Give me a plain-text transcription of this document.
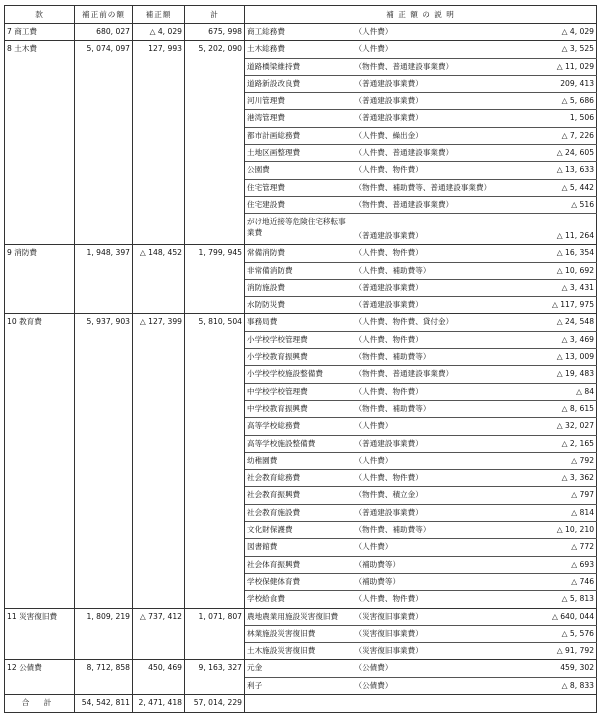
款	補正前の額	補正額	計	補 正 額 の 説 明		
7 商工費	680, 027	△ 4, 029	675, 998	商工総務費	（人件費）	△ 4, 029
8 土木費	5, 074, 097	127, 993	5, 202, 090	土木総務費	（人件費）	△ 3, 525
				道路橋梁維持費	（物件費、普通建設事業費）	△ 11, 029
				道路新設改良費	（普通建設事業費）	209, 413
				河川管理費	（普通建設事業費）	△ 5, 686
				港湾管理費	（普通建設事業費）	1, 506
				都市計画総務費	（人件費、繰出金）	△ 7, 226
				土地区画整理費	（人件費、普通建設事業費）	△ 24, 605
				公園費	（人件費、物件費）	△ 13, 633
				住宅管理費	（物件費、補助費等、普通建設事業費）	△ 5, 442
				住宅建設費	（物件費、普通建設事業費）	△ 516
				がけ地近接等危険住宅移転事業費	（普通建設事業費）	△ 11, 264
9 消防費	1, 948, 397	△ 148, 452	1, 799, 945	常備消防費	（人件費、物件費）	△ 16, 354
				非常備消防費	（人件費、補助費等）	△ 10, 692
				消防施設費	（普通建設事業費）	△ 3, 431
				水防防災費	（普通建設事業費）	△ 117, 975
10 教育費	5, 937, 903	△ 127, 399	5, 810, 504	事務局費	（人件費、物件費、貸付金）	△ 24, 548
				小学校学校管理費	（人件費、物件費）	△ 3, 469
				小学校教育振興費	（物件費、補助費等）	△ 13, 009
				小学校学校施設整備費	（物件費、普通建設事業費）	△ 19, 483
				中学校学校管理費	（人件費、物件費）	△ 84
				中学校教育振興費	（物件費、補助費等）	△ 8, 615
				高等学校総務費	（人件費）	△ 32, 027
				高等学校施設整備費	（普通建設事業費）	△ 2, 165
				幼稚園費	（人件費）	△ 792
				社会教育総務費	（人件費、物件費）	△ 3, 362
				社会教育振興費	（物件費、積立金）	△ 797
				社会教育施設費	（普通建設事業費）	△ 814
				文化財保護費	（物件費、補助費等）	△ 10, 210
				図書館費	（人件費）	△ 772
				社会体育振興費	（補助費等）	△ 693
				学校保健体育費	（補助費等）	△ 746
				学校給食費	（人件費、物件費）	△ 5, 813
11 災害復旧費	1, 809, 219	△ 737, 412	1, 071, 807	農地農業用施設災害復旧費	（災害復旧事業費）	△ 640, 044
				林業施設災害復旧費	（災害復旧事業費）	△ 5, 576
				土木施設災害復旧費	（災害復旧事業費）	△ 91, 792
12 公債費	8, 712, 858	450, 469	9, 163, 327	元金	（公債費）	459, 302
				利子	（公債費）	△ 8, 833
合 計	54, 542, 811	2, 471, 418	57, 014, 229			
